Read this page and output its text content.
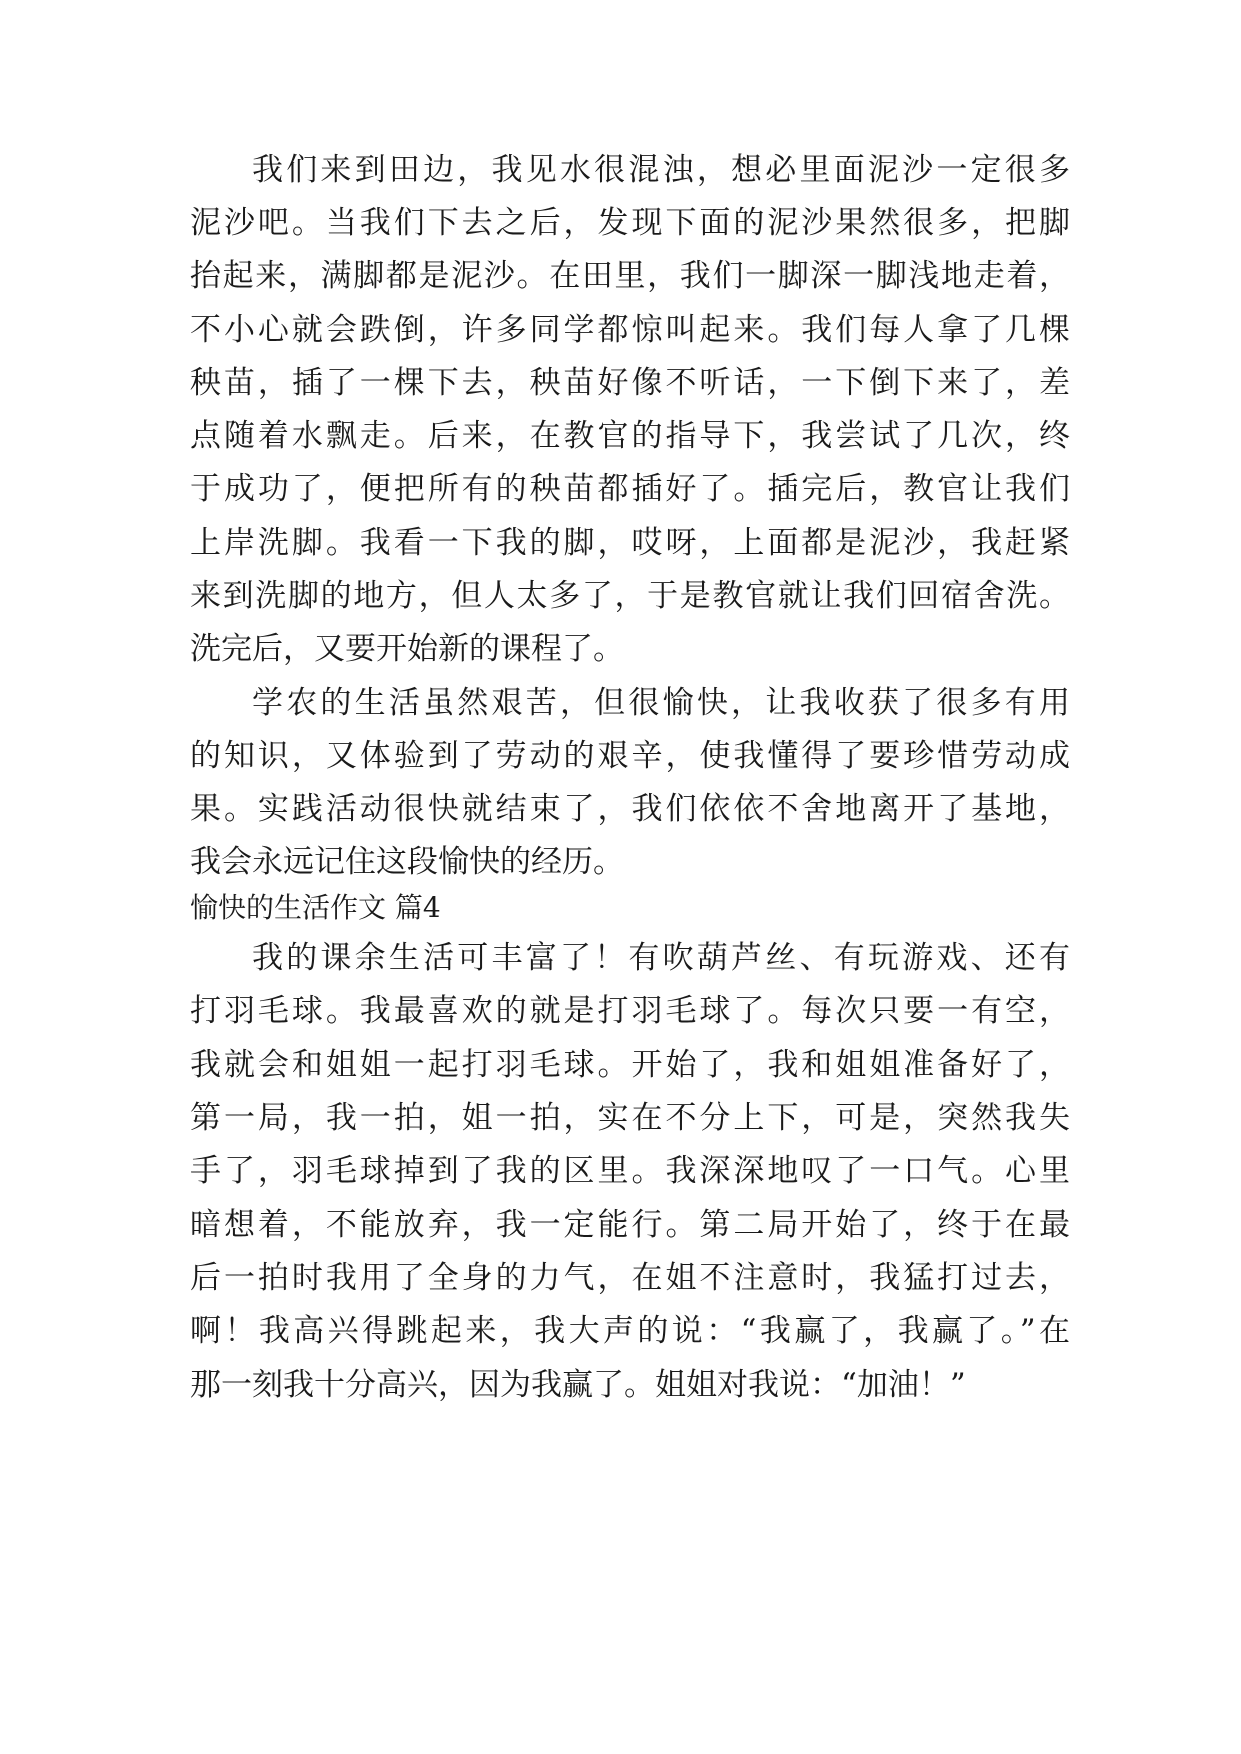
我们来到田边，我见水很混浊，想必里面泥沙一定很多
泥沙吧。当我们下去之后，发现下面的泥沙果然很多，把脚
抬起来，满脚都是泥沙。在田里，我们一脚深一脚浅地走着，
不小心就会跌倒，许多同学都惊叫起来。我们每人拿了几棵
秧苗，插了一棵下去，秧苗好像不听话，一下倒下来了，差
点随着水飘走。后来，在教官的指导下，我尝试了几次，终
于成功了，便把所有的秧苗都插好了。插完后，教官让我们
上岸洗脚。我看一下我的脚，哎呀，上面都是泥沙，我赶紧
来到洗脚的地方，但人太多了，于是教官就让我们回宿舍洗。
洗完后，又要开始新的课程了。
学农的生活虽然艰苦，但很愉快，让我收获了很多有用
的知识，又体验到了劳动的艰辛，使我懂得了要珍惜劳动成
果。实践活动很快就结束了，我们依依不舍地离开了基地，
我会永远记住这段愉快的经历。
愉快的生活作文 篇4
我的课余生活可丰富了！有吹葫芦丝、有玩游戏、还有
打羽毛球。我最喜欢的就是打羽毛球了。每次只要一有空，
我就会和姐姐一起打羽毛球。开始了，我和姐姐准备好了，
第一局，我一拍，姐一拍，实在不分上下，可是，突然我失
手了，羽毛球掉到了我的区里。我深深地叹了一口气。心里
暗想着，不能放弃，我一定能行。第二局开始了，终于在最
后一拍时我用了全身的力气，在姐不注意时，我猛打过去，
啊！我高兴得跳起来，我大声的说：“我赢了，我赢了。”在
那一刻我十分高兴，因为我赢了。姐姐对我说：“加油！”
